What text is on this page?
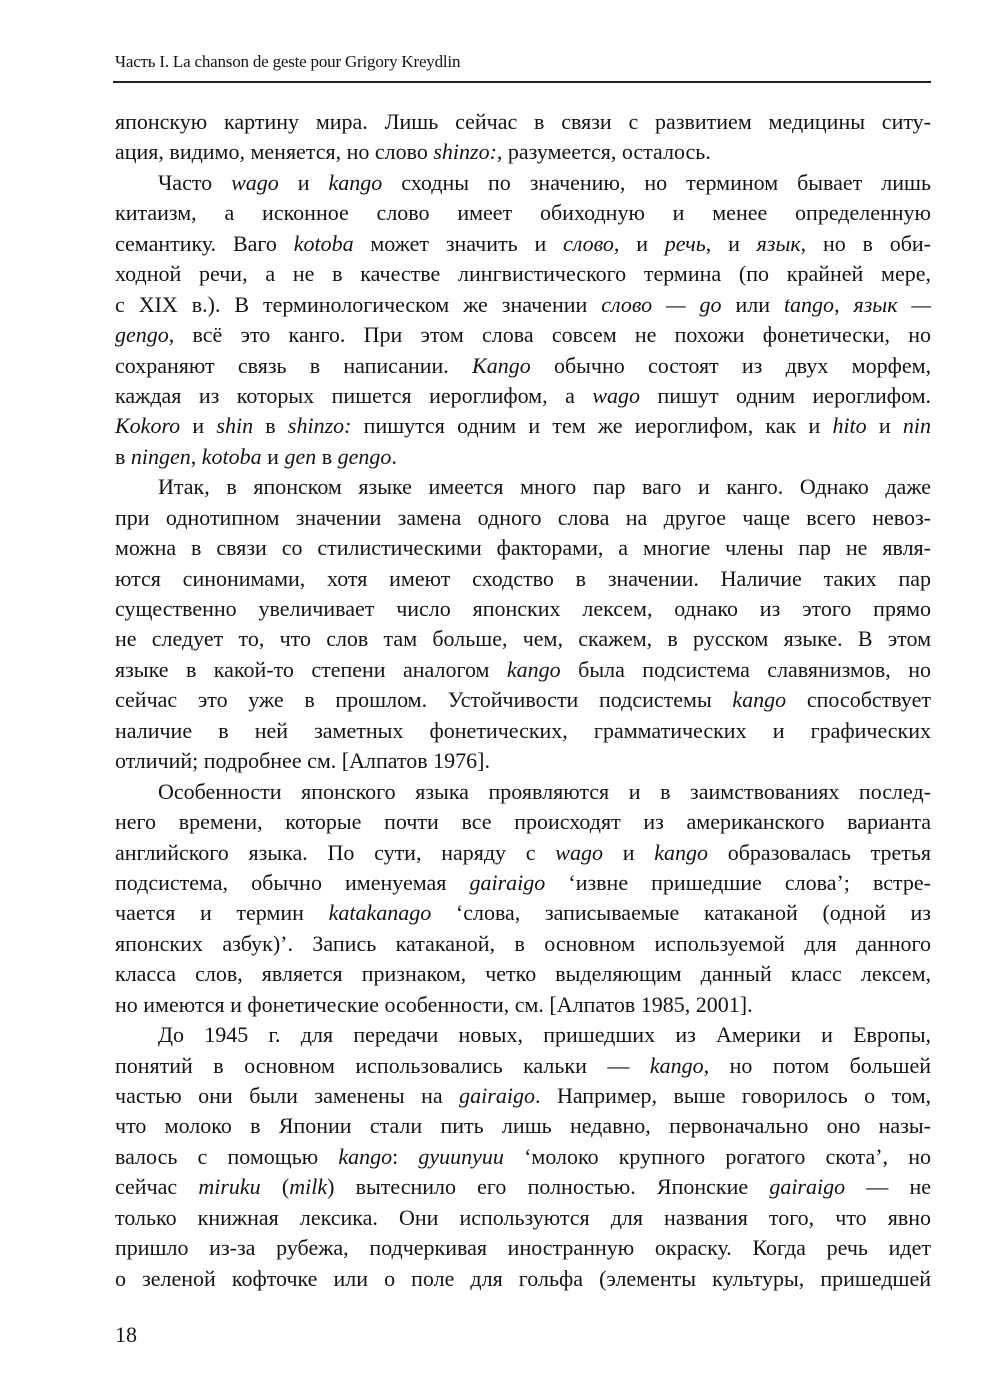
Часть I. La chanson de geste pour Grigory Kreydlin
японскую картину мира. Лишь сейчас в связи с развитием медицины ситу-
ация, видимо, меняется, но слово shinzo:, разумеется, осталось.
Часто wago и kango сходны по значению, но термином бывает лишь
китаизм, а исконное слово имеет обиходную и менее определенную
семантику. Ваго kotoba может значить и слово, и речь, и язык, но в оби-
ходной речи, а не в качестве лингвистического термина (по крайней мере,
с XIX в.). В терминологическом же значении слово — go или tango, язык —
gengo, всё это канго. При этом слова совсем не похожи фонетически, но
сохраняют связь в написании. Kango обычно состоят из двух морфем,
каждая из которых пишется иероглифом, а wago пишут одним иероглифом.
Kokoro и shin в shinzo: пишутся одним и тем же иероглифом, как и hito и nin
в ningen, kotoba и gen в gengo.
Итак, в японском языке имеется много пар ваго и канго. Однако даже
при однотипном значении замена одного слова на другое чаще всего невоз-
можна в связи со стилистическими факторами, а многие члены пар не явля-
ются синонимами, хотя имеют сходство в значении. Наличие таких пар
существенно увеличивает число японских лексем, однако из этого прямо
не следует то, что слов там больше, чем, скажем, в русском языке. В этом
языке в какой-то степени аналогом kango была подсистема славянизмов, но
сейчас это уже в прошлом. Устойчивости подсистемы kango способствует
наличие в ней заметных фонетических, грамматических и графических
отличий; подробнее см. [Алпатов 1976].
Особенности японского языка проявляются и в заимствованиях послед-
него времени, которые почти все происходят из американского варианта
английского языка. По сути, наряду с wago и kango образовалась третья
подсистема, обычно именуемая gairaigo ‘извне пришедшие слова’; встре-
чается и термин katakanago ‘слова, записываемые катаканой (одной из
японских азбук)’. Запись катаканой, в основном используемой для данного
класса слов, является признаком, четко выделяющим данный класс лексем,
но имеются и фонетические особенности, см. [Алпатов 1985, 2001].
До 1945 г. для передачи новых, пришедших из Америки и Европы,
понятий в основном использовались кальки — kango, но потом большей
частью они были заменены на gairaigo. Например, выше говорилось о том,
что молоко в Японии стали пить лишь недавно, первоначально оно назы-
валось с помощью kango: gyuunyuu ‘молоко крупного рогатого скота’, но
сейчас miruku (milk) вытеснило его полностью. Японские gairaigo — не
только книжная лексика. Они используются для названия того, что явно
пришло из-за рубежа, подчеркивая иностранную окраску. Когда речь идет
о зеленой кофточке или о поле для гольфа (элементы культуры, пришедшей
18
